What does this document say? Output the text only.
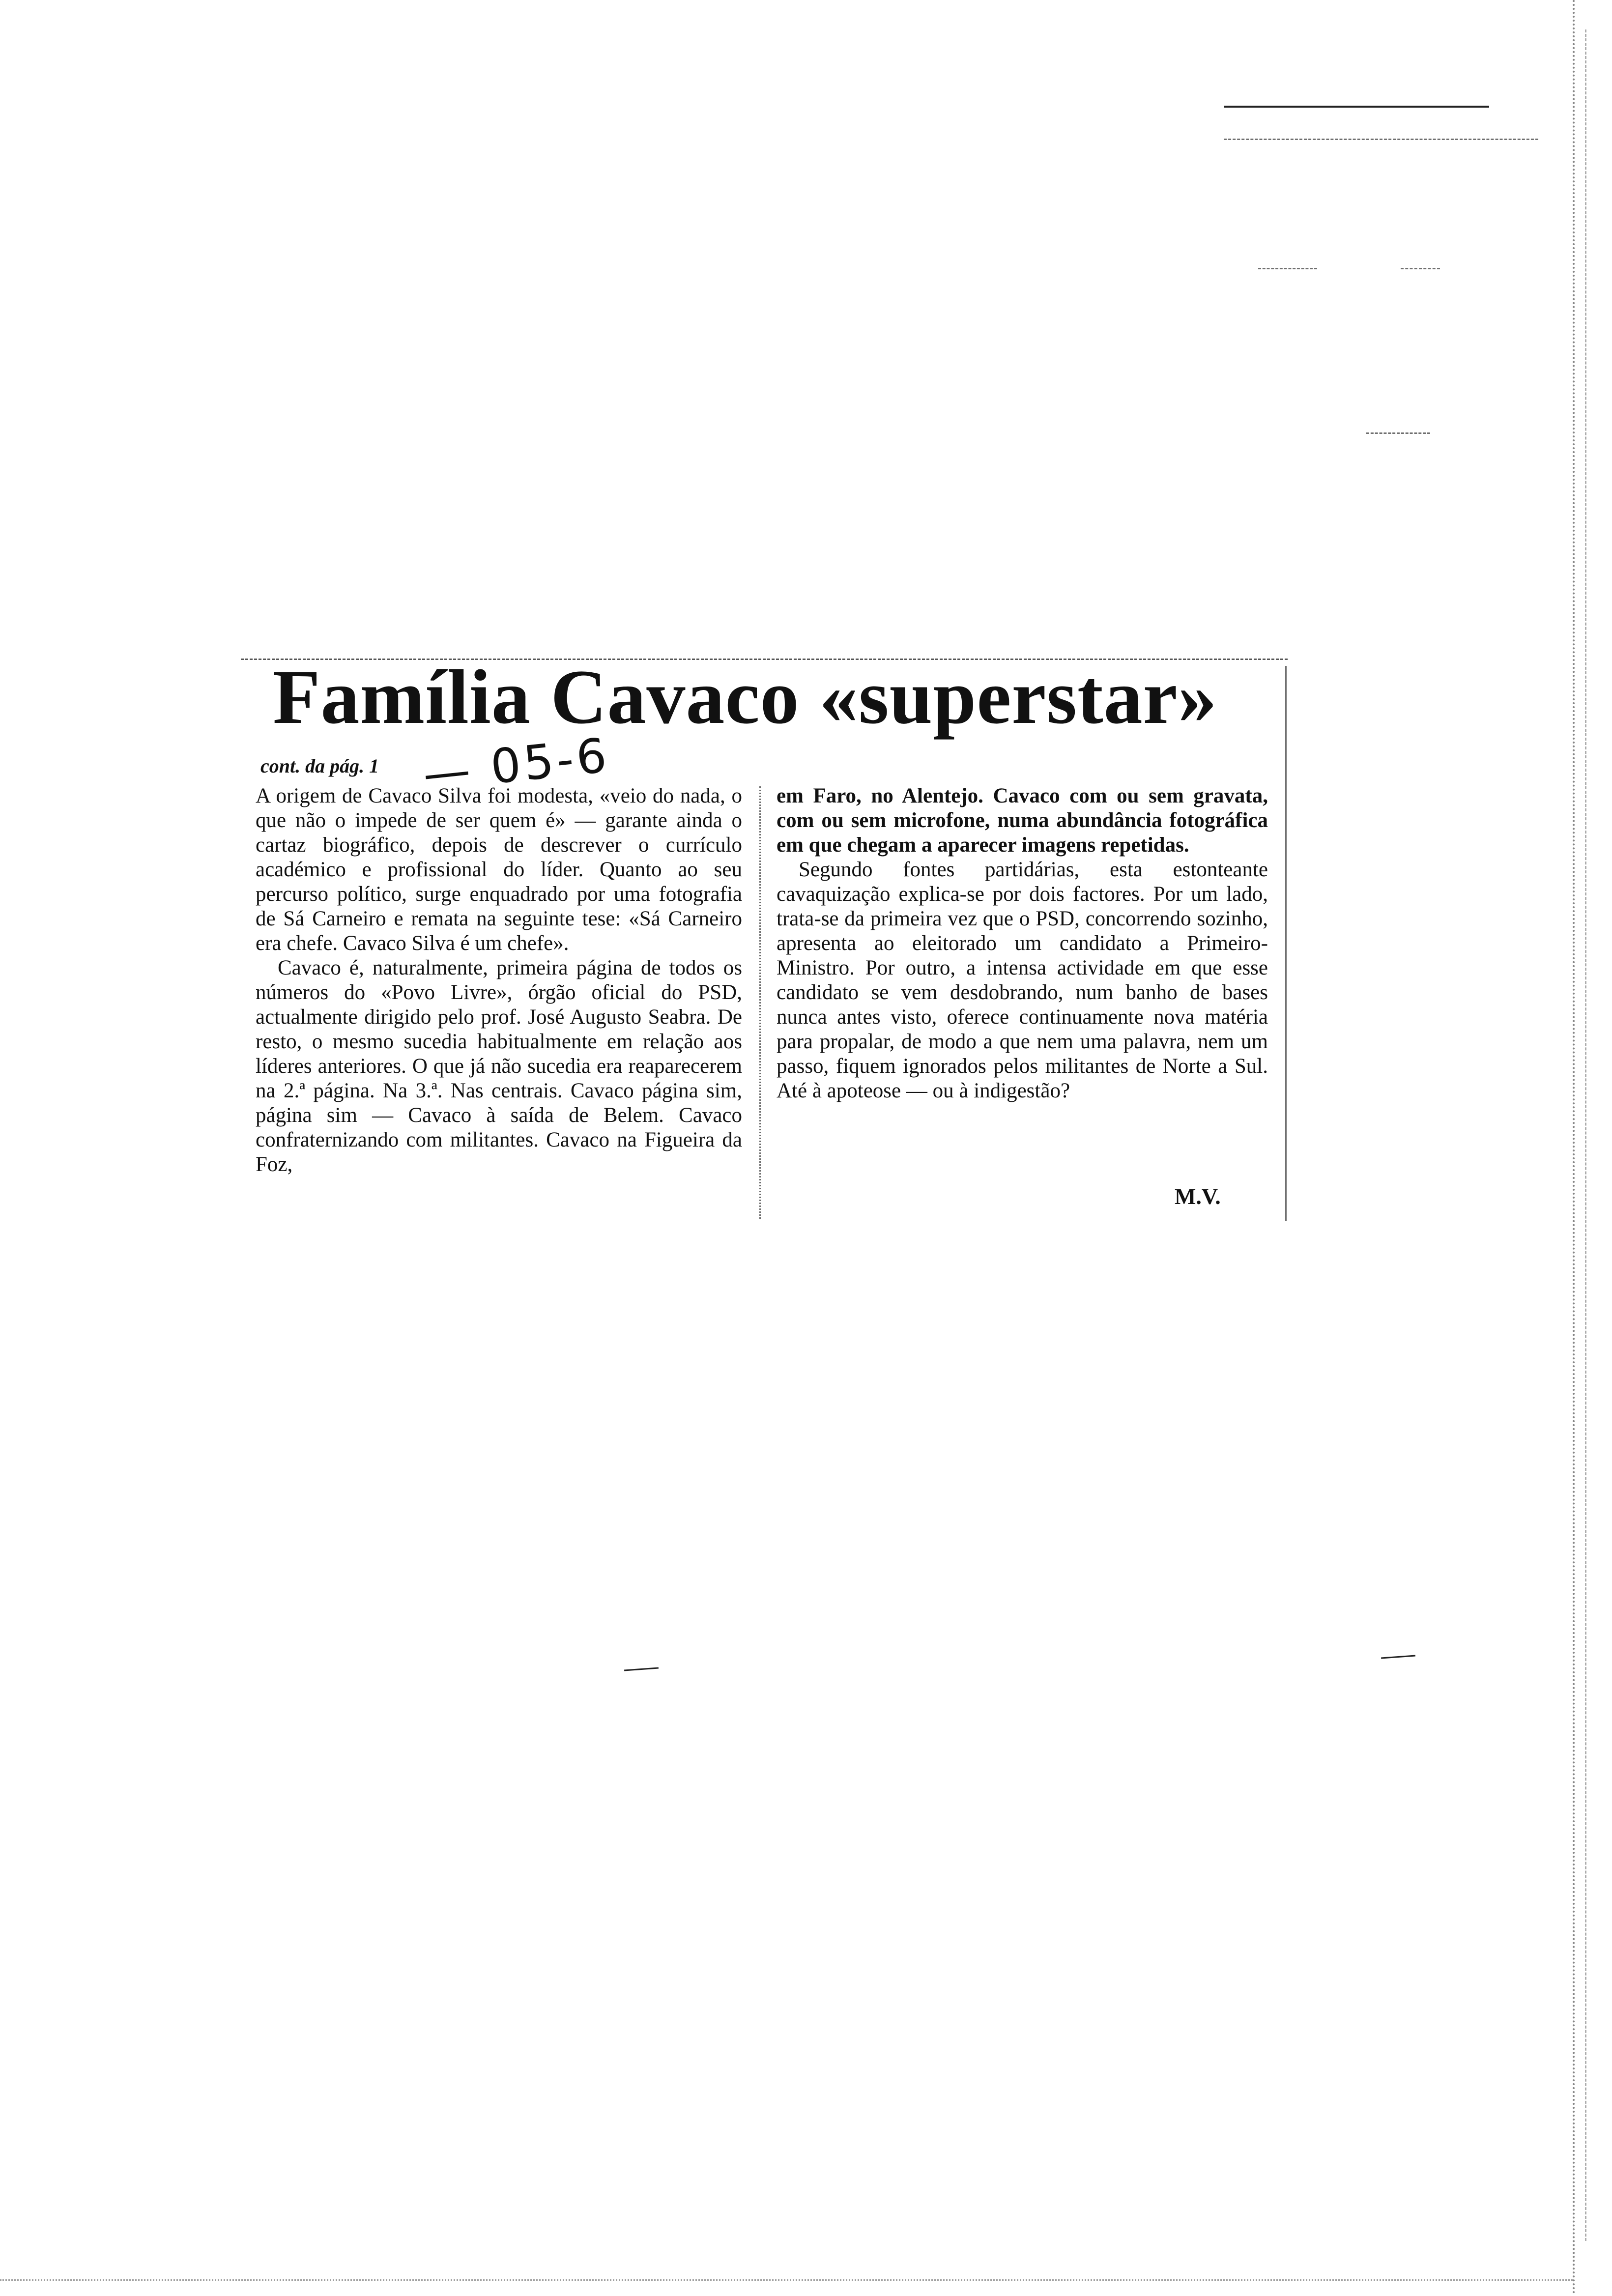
Família Cavaco «superstar»
cont. da pág. 1 — 05-6

A origem de Cavaco Silva foi modesta, «veio do nada, o que não o impede de ser quem é» — garante ainda o cartaz biográfico, depois de descrever o currículo académico e profissional do líder. Quanto ao seu percurso político, surge enquadrado por uma fotografia de Sá Carneiro e remata na seguinte tese: «Sá Carneiro era chefe. Cavaco Silva é um chefe».

Cavaco é, naturalmente, primeira página de todos os números do «Povo Livre», órgão oficial do PSD, actualmente dirigido pelo prof. José Augusto Seabra. De resto, o mesmo sucedia habitualmente em relação aos líderes anteriores. O que já não sucedia era reaparecerem na 2.ª página. Na 3.ª. Nas centrais. Cavaco página sim, página sim — Cavaco à saída de Belem. Cavaco confraternizando com militantes. Cavaco na Figueira da Foz,

em Faro, no Alentejo. Cavaco com ou sem gravata, com ou sem microfone, numa abundância fotográfica em que chegam a aparecer imagens repetidas.

Segundo fontes partidárias, esta estonteante cavaquização explica-se por dois factores. Por um lado, trata-se da primeira vez que o PSD, concorrendo sozinho, apresenta ao eleitorado um candidato a Primeiro-Ministro. Por outro, a intensa actividade em que esse candidato se vem desdobrando, num banho de bases nunca antes visto, oferece continuamente nova matéria para propalar, de modo a que nem uma palavra, nem um passo, fiquem ignorados pelos militantes de Norte a Sul. Até à apoteose — ou à indigestão?

M.V.
